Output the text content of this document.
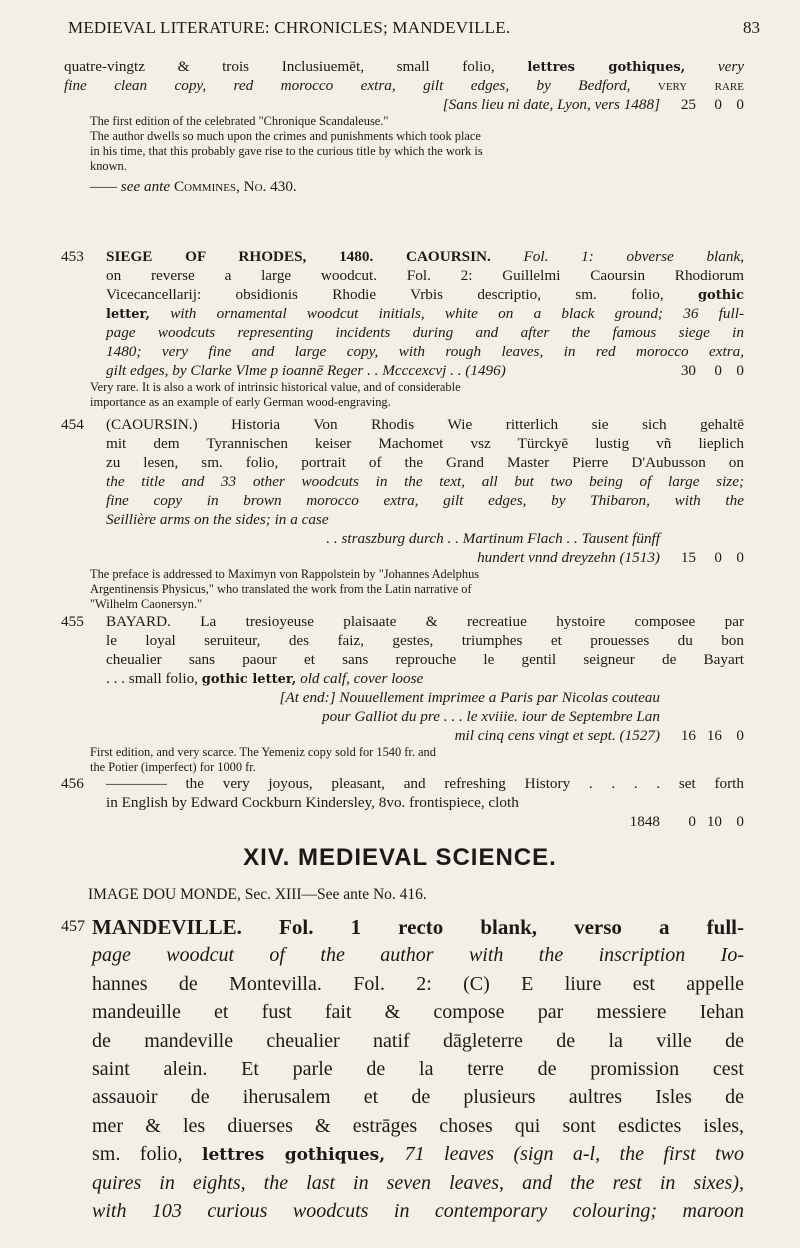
MEDIEVAL LITERATURE: CHRONICLES; MANDEVILLE.	83
quatre-vingtz & trois Inclusiuemēt, small folio,	lettres gothiques, very
fine clean copy, red morocco extra, gilt edges, by Bedford, very rare
[Sans lieu ni date, Lyon, vers 1488]	25	0 0
The first edition of the celebrated "Chronique Scandaleuse."
The author dwells so much upon the crimes and punishments which took place
in his time, that this probably gave rise to the curious title by which the work is
known.
—— see ante Commines, No. 430.
453 SIEGE OF RHODES, 1480. CAOURSIN. Fol. 1: obverse blank,
on reverse a large woodcut. Fol. 2: Guillelmi Caoursin Rhodiorum
Vicecancellarij: obsidionis Rhodie Vrbis descriptio, sm. folio,	gothic
letter, with ornamental woodcut initials, white on a black ground; 36 full-
page woodcuts representing incidents during and after the famous siege in
1480; very fine and large copy, with rough leaves, in red morocco extra,
gilt edges, by Clarke Vlme p ioannē Reger . . Mcccexcvj . . (1496)	30	0 0
Very rare. It is also a work of intrinsic historical value, and of considerable
importance as an example of early German wood-engraving.
454 (CAOURSIN.) Historia Von Rhodis Wie ritterlich sie sich gehaltē
mit dem Tyrannischen keiser Machomet vsz Türckyē lustig vñ lieplich
zu lesen, sm. folio, portrait of the Grand Master Pierre D'Aubusson on
the title and 33 other woodcuts in the text, all but two being of large size;
fine copy in brown morocco extra, gilt edges, by Thibaron, with the
Seillière arms on the sides; in a case
. . straszburg durch . . Martinum Flach . . Tausent fünff
hundert vnnd dreyzehn (1513)	15	0 0
The preface is addressed to Maximyn von Rappolstein by "Johannes Adelphus
Argentinensis Physicus," who translated the work from the Latin narrative of
"Wilhelm Caonersyn."
455 BAYARD. La tresioyeuse plaisaate & recreatiue hystoire composee par
le loyal seruiteur, des faiz, gestes, triumphes et prouesses du bon
cheualier sans paour et sans reprouche le gentil seigneur de Bayart
. . . small folio, gothic letter, old calf, cover loose
[At end:] Nouuellement imprimee a Paris par Nicolas couteau
pour Galliot du pre . . . le xviiie. iour de Septembre Lan
mil cinq cens vingt et sept. (1527)	16 16 0
First edition, and very scarce. The Yemeniz copy sold for 1540 fr. and
the Potier (imperfect) for 1000 fr.
456 ———— the very joyous, pleasant, and refreshing History . . . . set forth
in English by Edward Cockburn Kindersley, 8vo. frontispiece, cloth
1848	0 10 0
XIV. MEDIEVAL SCIENCE.
IMAGE DOU MONDE, Sec. XIII—See ante No. 416.
457 MANDEVILLE. Fol. 1 recto blank, verso a full-
page woodcut of the author with the inscription Io-
hannes de Montevilla. Fol. 2: (C) E liure est appelle
mandeuille et fust fait & compose par messiere Iehan
de mandeville cheualier natif dāgleterre de la ville de
saint alein. Et parle de la terre de promission cest
assauoir de iherusalem et de plusieurs aultres Isles de
mer & les diuerses & estrāges choses qui sont esdictes isles,
sm. folio, lettres gothiques, 71 leaves (sign a-l, the first two
quires in eights, the last in seven leaves, and the rest in sixes),
with 103 curious woodcuts in contemporary colouring; maroon
